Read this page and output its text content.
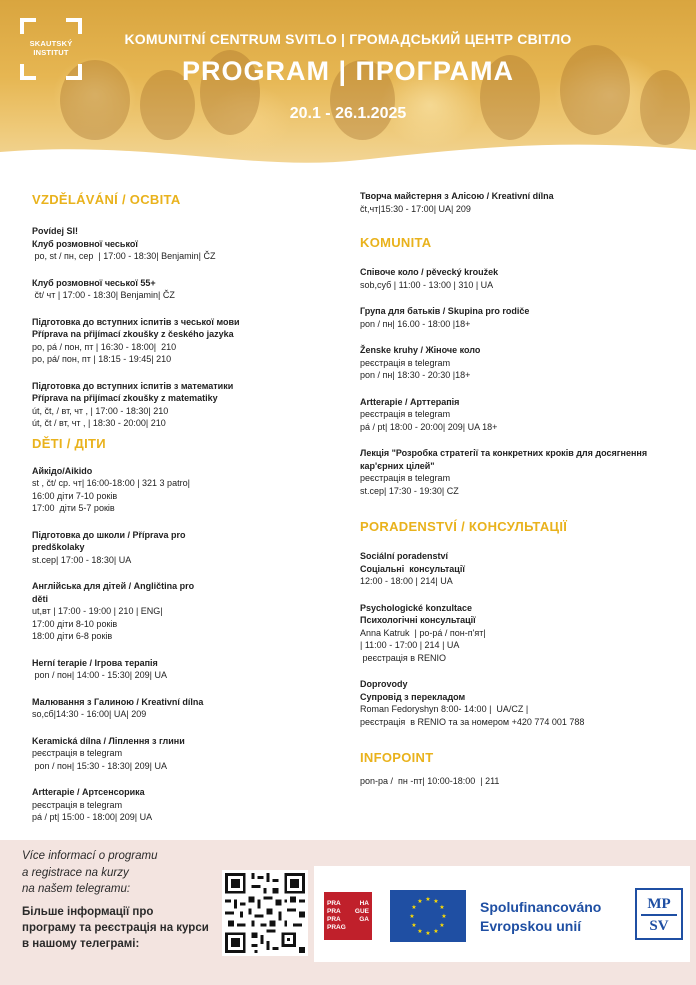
SKAUTSKÝ
INSTITUT
KOMUNITNÍ CENTRUM SVITLO | ГРОМАДСЬКИЙ ЦЕНТР СВІТЛО
PROGRAM | ПРОГРАМА
20.1 - 26.1.2025
VZDĚLÁVÁNÍ / ОСВІТА
Povídej SI!
Клуб розмовної чеської
po, st / пн, сер  | 17:00 - 18:30| Benjamin| ČZ
Клуб розмовної чеської 55+
čt/ чт | 17:00 - 18:30| Benjamin| ČZ
Підготовка до вступних іспитів з чеської мови
Příprava na přijímací zkoušky z českého jazyka
po, pá / пон, пт | 16:30 - 18:00|  210
po, pá/ пон, пт | 18:15 - 19:45| 210
Підготовка до вступних іспитів з математики
Příprava na přijímací zkoušky z matematiky
út, čt, / вт, чт , | 17:00 - 18:30| 210
út, čt / вт, чт , | 18:30 - 20:00| 210
DĚTI / ДІТИ
Айкідо/Aikido
st , čt/ ср. чт| 16:00-18:00 | 321 3 patro|
16:00 діти 7-10 років
17:00  діти 5-7 років
Підготовка до школи / Příprava pro
predškolaky
st.сер| 17:00 - 18:30| UA
Англійська для дітей / Angličtina pro
děti
ut,вт | 17:00 - 19:00 | 210 | ENG|
17:00 діти 8-10 років
18:00 діти 6-8 років
Herní terapie / Ігрова терапія
pon / пон| 14:00 - 15:30| 209| UA
Малювання з Галиною / Kreativní dílna
so,сб|14:30 - 16:00| UA| 209
Keramická dílna / Ліплення з глини
реєстрація в telegram
pon / пон| 15:30 - 18:30| 209| UA
Artterapie / Артсенсорика
реєстрація в telegram
pá / pt| 15:00 - 18:00| 209| UA
Творча майстерня з Алісою / Kreativní dílna
čt,чт|15:30 - 17:00| UA| 209
KOMUNITA
Співоче коло / pěvecký kroužek
sob,суб | 11:00 - 13:00 | 310 | UA
Група для батьків / Skupina pro rodiče
pon / пн| 16.00 - 18:00 |18+
Ženske kruhy / Жіноче коло
реєстрація в telegram
pon / пн| 18:30 - 20:30 |18+
Artterapie / Арттерапія
реєстрація в telegram
pá / pt| 18:00 - 20:00| 209| UA 18+
Лекція "Розробка стратегії та конкретних кроків для досягнення
кар'єрних цілей"
реєстрація в telegram
st.сер| 17:30 - 19:30| CZ
PORADENSTVÍ / КОНСУЛЬТАЦІЇ
Sociální poradenství
Соціальні  консультації
12:00 - 18:00 | 214| UA
Psychologické konzultace
Психологічні консультації
Anna Katruk  | po-pá / пон-п'ят|
| 11:00 - 17:00 | 214 | UA
реєстрація в RENIO
Doprovody
Супровід з перекладом
Roman Fedoryshyn 8:00- 14:00 |  UA/CZ |
реєстрація  в RENIO та за номером +420 774 001 788
INFOPOINT
pon-pa /  пн -пт| 10:00-18:00  | 211
Více informací o programu
a registrace na kurzy
na našem telegramu:
Більше інформації про
програму та реєстрація на курси
в нашому телеграмі:
PRA	HA
PRA GUE
PRA	GA
PRAG
★ ★
★
★
★
★
★
★
★
★
★
★	Spolufinancováno
Evropskou unií
MP
SV
